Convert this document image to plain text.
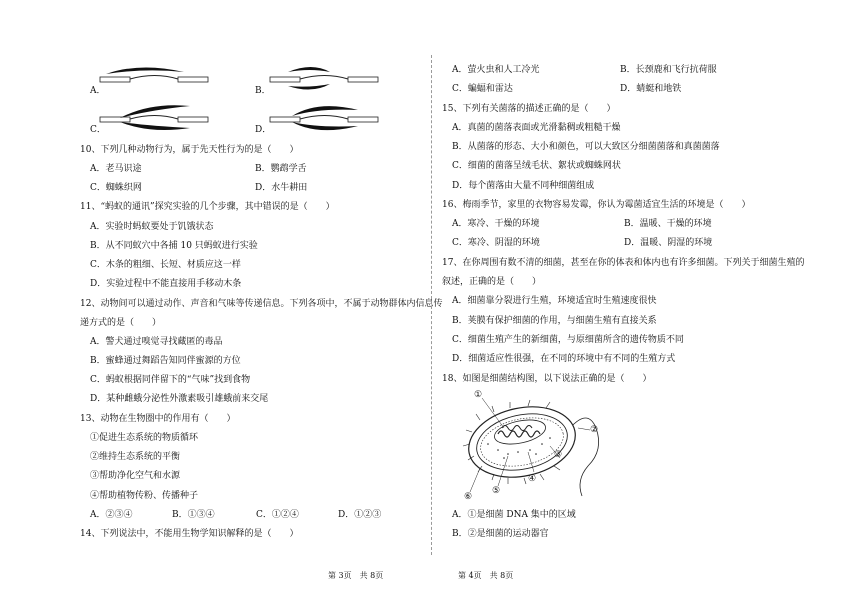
A．	B．
C．	D．
10、下列几种动物行为，属于先天性行为的是（　　）
A．老马识途	B．鹦鹉学舌
C．蜘蛛织网	D．水牛耕田
11、“蚂蚁的通讯”探究实验的几个步骤，其中错误的是（　　）
A．实验时蚂蚁要处于饥饿状态
B．从不同蚁穴中各捕 10 只蚂蚁进行实验
C．木条的粗细、长短、材质应这一样
D．实验过程中不能直接用手移动木条
12、动物间可以通过动作、声音和气味等传递信息。下列各项中，不属于动物群体内信息传
递方式的是（　　）
A．警犬通过嗅觉寻找藏匿的毒品
B．蜜蜂通过舞蹈告知同伴蜜源的方位
C．蚂蚁根据同伴留下的“气味”找到食物
D．某种雌蛾分泌性外激素吸引雄蛾前来交尾
13、动物在生物圈中的作用有（　　）
①促进生态系统的物质循环
②维持生态系统的平衡
③帮助净化空气和水源
④帮助植物传粉、传播种子
A．②③④	B．①③④	C．①②④	D．①②③
14、下列说法中，不能用生物学知识解释的是（　　）
第 3页　共 8页
A．萤火虫和人工冷光	B．长颈鹿和飞行抗荷服
C．蝙蝠和雷达	D．蜻蜓和地铁
15、下列有关菌落的描述正确的是（　　）
A．真菌的菌落表面或光滑黏稠或粗糙干燥
B．从菌落的形态、大小和颜色，可以大致区分细菌菌落和真菌菌落
C．细菌的菌落呈绒毛状、絮状或蜘蛛网状
D．每个菌落由大量不同种细菌组成
16、梅雨季节，家里的衣物容易发霉，你认为霉菌适宜生活的环境是（　　）
A．寒冷、干燥的环境	B．温暖、干燥的环境
C．寒冷、阴湿的环境	D．温暖、阴湿的环境
17、在你周围有数不清的细菌，甚至在你的体表和体内也有许多细菌。下列关于细菌生殖的
叙述，正确的是（　　）
A．细菌靠分裂进行生殖，环境适宜时生殖速度很快
B．荚膜有保护细菌的作用，与细菌生殖有直接关系
C．细菌生殖产生的新细菌，与原细菌所含的遗传物质不同
D．细菌适应性很强，在不同的环境中有不同的生殖方式
18、如图是细菌结构图，以下说法正确的是（　　）
①
②
③
④
⑤
⑥
A．①是细菌 DNA 集中的区域
B．②是细菌的运动器官
第 4页　共 8页
